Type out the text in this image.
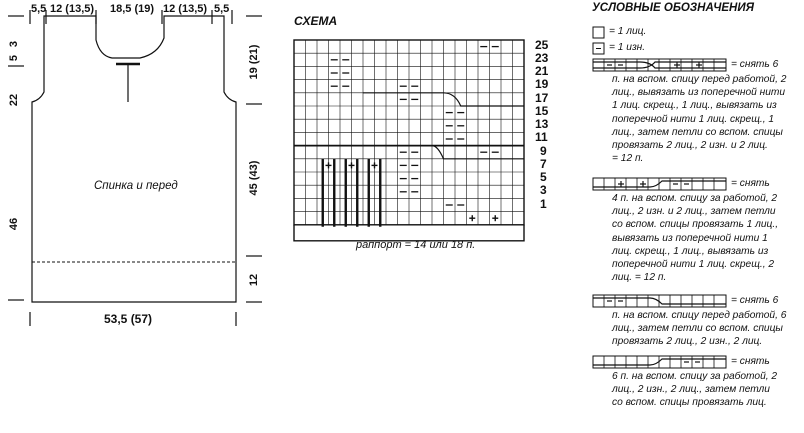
5,5 12 (13,5) 18,5 (19) 12 (13,5) 5,5
3
5
22
46
19 (21)
45 (43)
12
53,5 (57)
Спинка и перед
СХЕМА
25
23
21
19
17
15
13
11
9
7
5
3
1
раппорт = 14 или 18 п.
УСЛОВНЫЕ ОБОЗНАЧЕНИЯ
= 1 лиц.
= 1 изн.
= снять 6
п. на вспом. спицу перед работой, 2
лиц., вывязать из поперечной нити
1 лиц. скрещ., 1 лиц., вывязать из
поперечной нити 1 лиц. скрещ., 1
лиц., затем петли со вспом. спицы
провязать 2 лиц., 2 изн. и 2 лиц.
= 12 п.
= снять
4 п. на вспом. спицу за работой, 2
лиц., 2 изн. и 2 лиц., затем петли
со вспом. спицы провязать 1 лиц.,
вывязать из поперечной нити 1
лиц. скрещ., 1 лиц., вывязать из
поперечной нити 1 лиц. скрещ., 2
лиц. = 12 п.
= снять 6
п. на вспом. спицу перед работой, 6
лиц., затем петли со вспом. спицы
провязать 2 лиц., 2 изн., 2 лиц.
= снять
6 п. на вспом. спицу за работой, 2
лиц., 2 изн., 2 лиц., затем петли
со вспом. спицы провязать лиц.
